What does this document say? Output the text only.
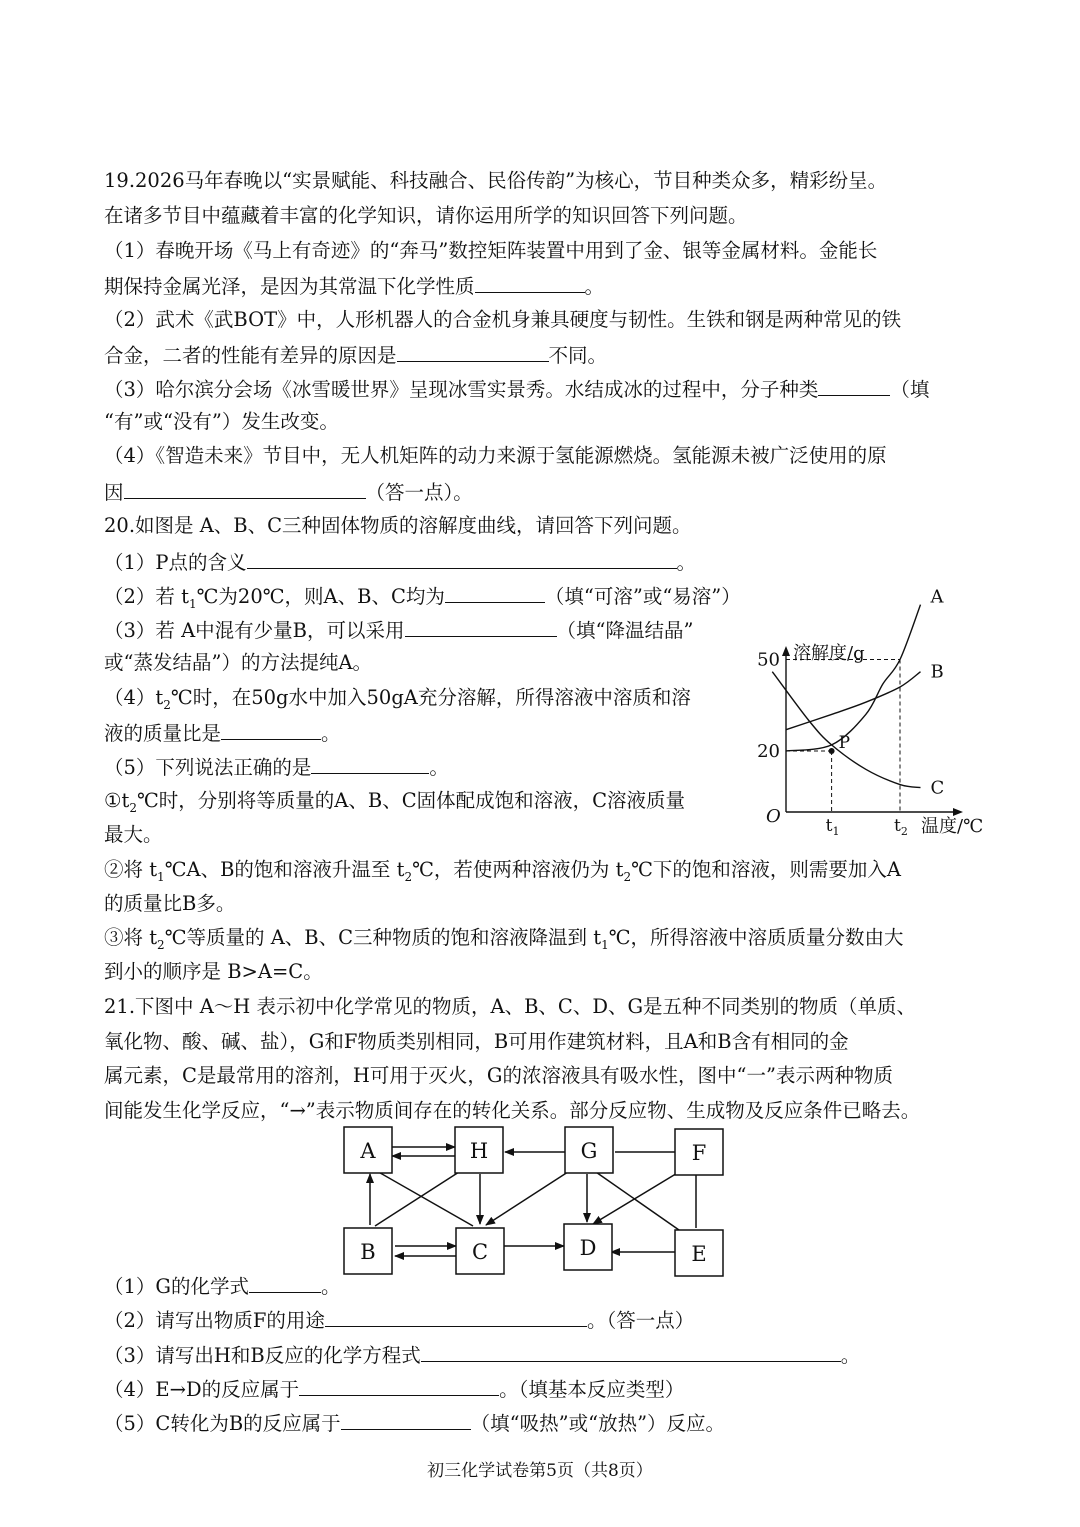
19.2026马年春晚以“实景赋能、科技融合、民俗传韵”为核心，节目种类众多，精彩纷呈。
在诸多节目中蕴藏着丰富的化学知识，请你运用所学的知识回答下列问题。
（1）春晚开场《马上有奇迹》的“奔马”数控矩阵装置中用到了金、银等金属材料。金能长
期保持金属光泽，是因为其常温下化学性质	。
（2）武术《武BOT》中，人形机器人的合金机身兼具硬度与韧性。生铁和钢是两种常见的铁
合金，二者的性能有差异的原因是	不同。
（3）哈尔滨分会场《冰雪暖世界》呈现冰雪实景秀。水结成冰的过程中，分子种类	（填
“有”或“没有”）发生改变。
（4）《智造未来》节目中，无人机矩阵的动力来源于氢能源燃烧。氢能源未被广泛使用的原
因	（答一点）。
20.如图是 A、B、C三种固体物质的溶解度曲线，请回答下列问题。
（1）P点的含义	。
（2）若 $t_1℃$为20℃，则A、B、C均为	（填“可溶”或“易溶”）
（3）若 A中混有少量B，可以采用	（填“降温结晶”
或“蒸发结晶”）的方法提纯A。
$(4)t_2℃$时，在50g水中加入50gA充分溶解，所得溶液中溶质和溶
液的质量比是	。
（5）下列说法正确的是	。
$①t_2℃$时，分别将等质量的A、B、C固体配成饱和溶液，C溶液质量
最大。
②将 $t_1℃A$、B的饱和溶液升温至 $t_2℃$，若使两种溶液仍为 $t_2℃$下的饱和溶液，则需要加入A
的质量比B多。
③将 $t_2℃$等质量的 A、B、C三种物质的饱和溶液降温到 $t_1℃$，所得溶液中溶质质量分数由大
到小的顺序是 B>A=C。
溶解度/g
温度/℃
O
20
50
$t_1$	$t_2$
A
B
C
P
21.下图中 A～H 表示初中化学常见的物质，A、B、C、D、G是五种不同类别的物质（单质、
氧化物、酸、碱、盐），G和F物质类别相同，B可用作建筑材料，且A和B含有相同的金
属元素，C是最常用的溶剂，H可用于灭火，G的浓溶液具有吸水性，图中“一”表示两种物质
间能发生化学反应，“→”表示物质间存在的转化关系。部分反应物、生成物及反应条件已略去。
A	H	G	F
B	C	D	E
（1）G的化学式	。
（2）请写出物质F的用途	。（答一点）
（3）请写出H和B反应的化学方程式	。
（4）E→D的反应属于	。（填基本反应类型）
（5）C转化为B的反应属于	（填“吸热”或“放热”）反应。
初三化学试卷第5页（共8页）
